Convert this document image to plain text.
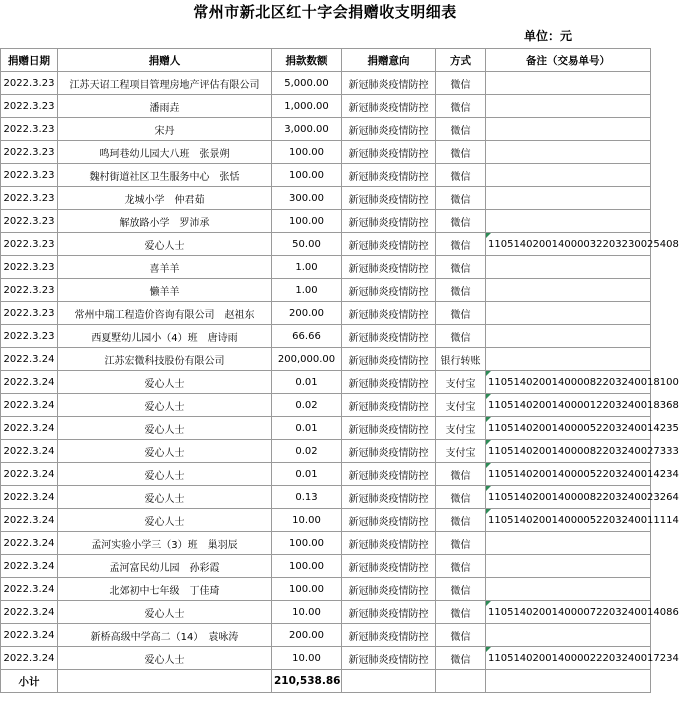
常州市新北区红十字会捐赠收支明细表
单位：元
捐赠日期	捐赠人	捐款数额	捐赠意向	方式	备注（交易单号）
2022.3.23	江苏天诏工程项目管理房地产评估有限公司	5,000.00	新冠肺炎疫情防控	微信	
2022.3.23	潘雨垚	1,000.00	新冠肺炎疫情防控	微信	
2022.3.23	宋丹	3,000.00	新冠肺炎疫情防控	微信	
2022.3.23	鸣珂巷幼儿园大八班　张景朔	100.00	新冠肺炎疫情防控	微信	
2022.3.23	魏村街道社区卫生服务中心　张恬	100.00	新冠肺炎疫情防控	微信	
2022.3.23	龙城小学　仲君茹	300.00	新冠肺炎疫情防控	微信	
2022.3.23	解放路小学　罗沛承	100.00	新冠肺炎疫情防控	微信	
2022.3.23	爱心人士	50.00	新冠肺炎疫情防控	微信	1105140200140000322032300254​08
2022.3.23	喜羊羊	1.00	新冠肺炎疫情防控	微信	
2022.3.23	懒羊羊	1.00	新冠肺炎疫情防控	微信	
2022.3.23	常州中瑞工程造价咨询有限公司　赵祖东	200.00	新冠肺炎疫情防控	微信	
2022.3.23	西夏墅幼儿园小（4）班　唐诗雨	66.66	新冠肺炎疫情防控	微信	
2022.3.24	江苏宏微科技股份有限公司	200,000.00	新冠肺炎疫情防控	银行转账	
2022.3.24	爱心人士	0.01	新冠肺炎疫情防控	支付宝	110514020014000082203240018100
2022.3.24	爱心人士	0.02	新冠肺炎疫情防控	支付宝	110514020014000012203240018368
2022.3.24	爱心人士	0.01	新冠肺炎疫情防控	支付宝	110514020014000052203240014235
2022.3.24	爱心人士	0.02	新冠肺炎疫情防控	支付宝	110514020014000082203240027333
2022.3.24	爱心人士	0.01	新冠肺炎疫情防控	微信	110514020014000052203240014234
2022.3.24	爱心人士	0.13	新冠肺炎疫情防控	微信	110514020014000082203240023264
2022.3.24	爱心人士	10.00	新冠肺炎疫情防控	微信	110514020014000052203240011114
2022.3.24	孟河实验小学三（3）班　巢羽辰	100.00	新冠肺炎疫情防控	微信	
2022.3.24	孟河富民幼儿园　孙彩霞	100.00	新冠肺炎疫情防控	微信	
2022.3.24	北郊初中七年级　丁佳琦	100.00	新冠肺炎疫情防控	微信	
2022.3.24	爱心人士	10.00	新冠肺炎疫情防控	微信	110514020014000072203240014086
2022.3.24	新桥高级中学高二（14）　袁咏涛	200.00	新冠肺炎疫情防控	微信	
2022.3.24	爱心人士	10.00	新冠肺炎疫情防控	微信	110514020014000022203240017234
小计		210,538.86			
